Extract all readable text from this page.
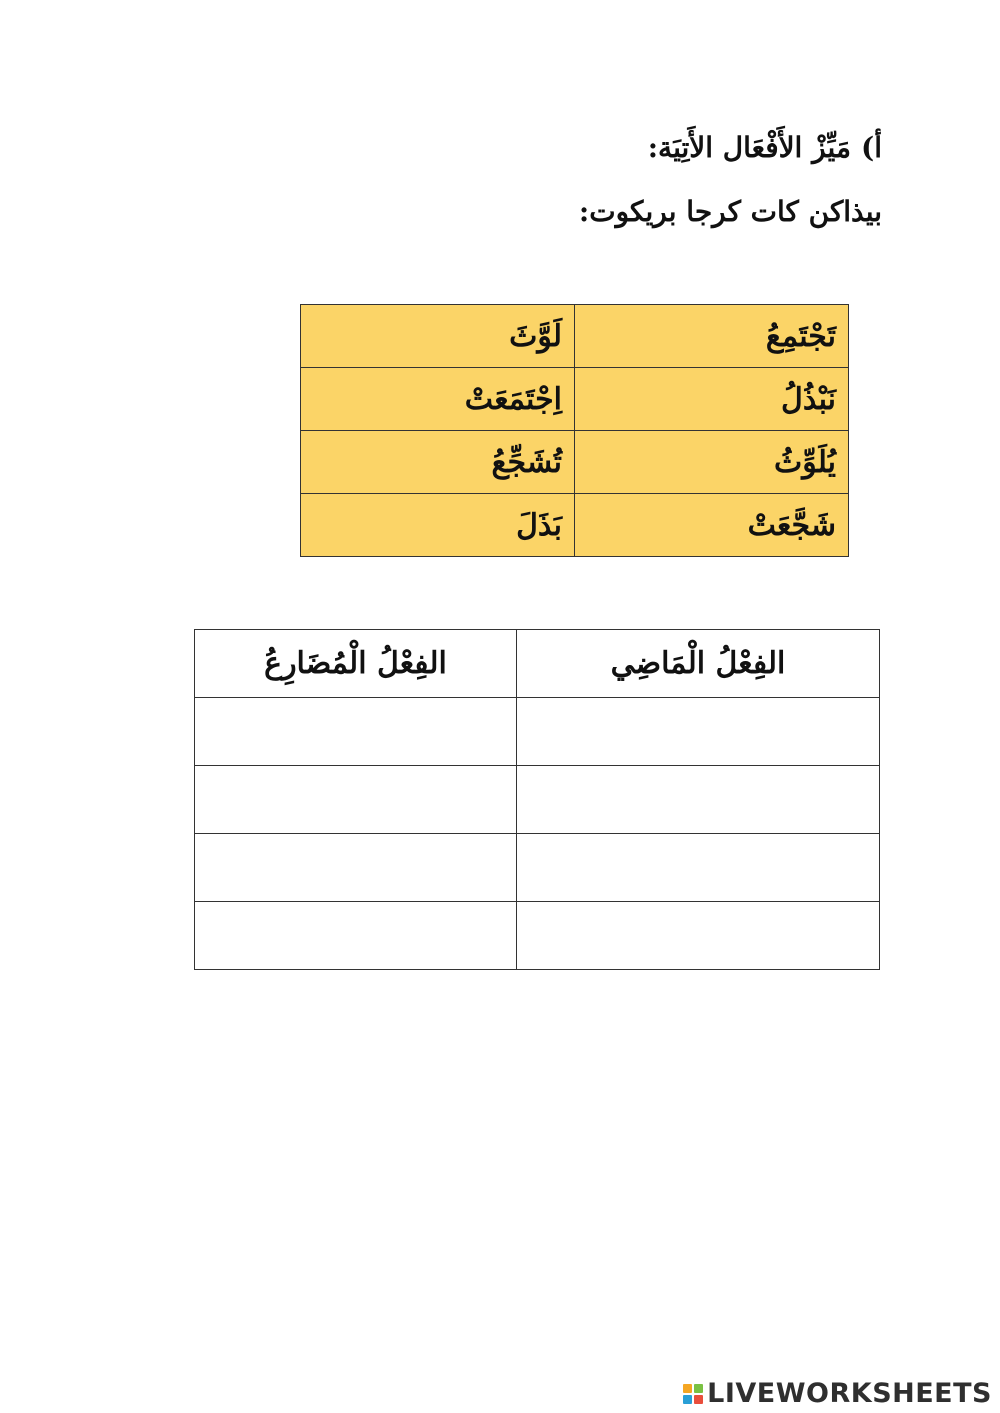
أ)مَيِّزْ الأَفْعَال الأَتِيَة:
بيذاكن كات كرجا بريكوت:
تَجْتَمِعُ	لَوَّثَ
نَبْذُلُ	اِجْتَمَعَتْ
يُلَوِّثُ	تُشَجِّعُ
شَجَّعَتْ	بَذَلَ
الفِعْلُ الْمَاضِي	الفِعْلُ الْمُضَارِعُ

LIVEWORKSHEETS
